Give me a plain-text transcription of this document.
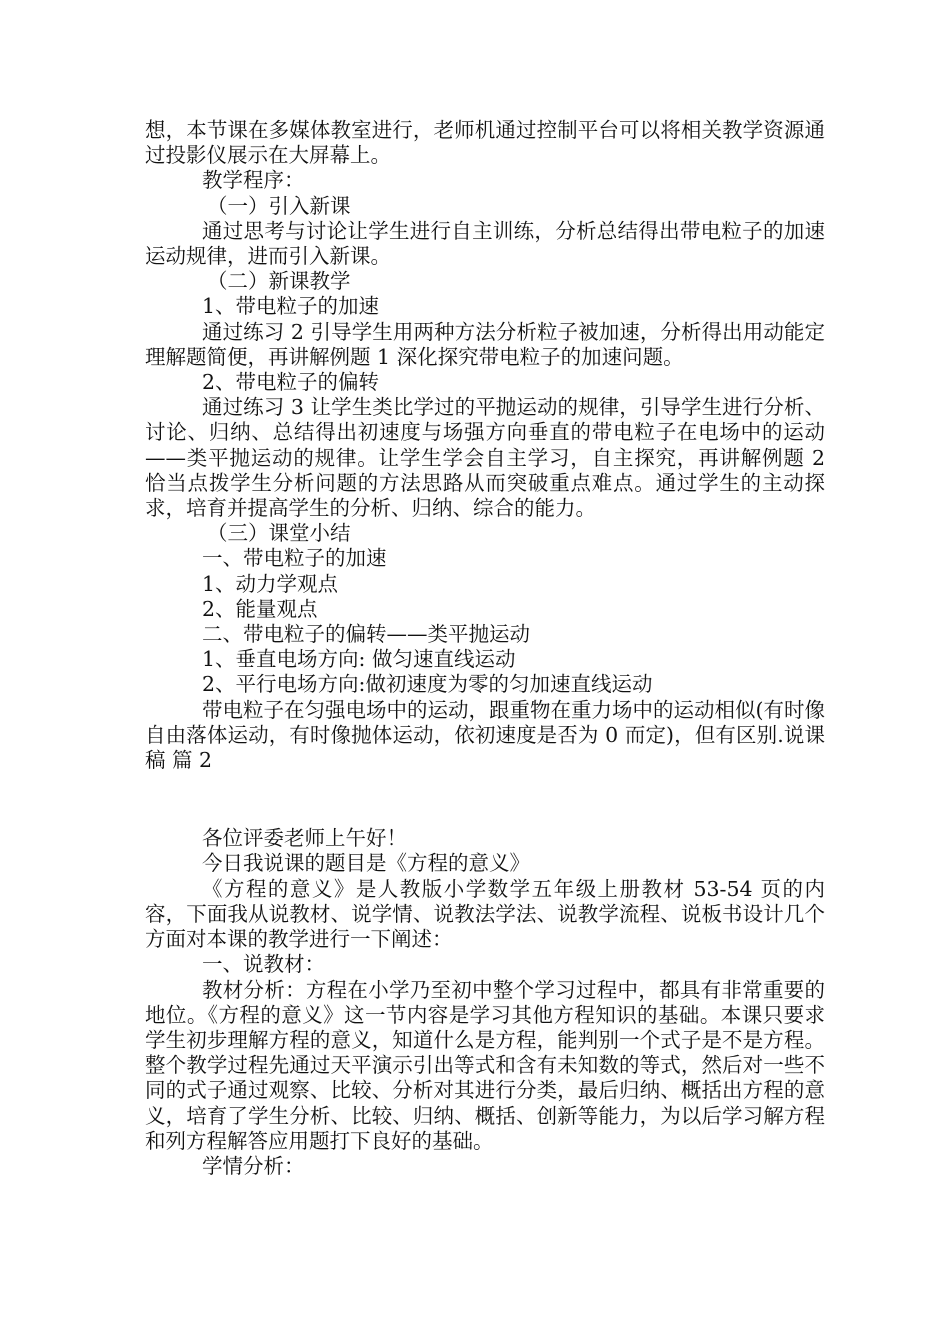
想，本节课在多媒体教室进行，老师机通过控制平台可以将相关教学资源通过投影仪展示在大屏幕上。

教学程序：

（一）引入新课

通过思考与讨论让学生进行自主训练，分析总结得出带电粒子的加速运动规律，进而引入新课。

（二）新课教学

1、带电粒子的加速

通过练习 2 引导学生用两种方法分析粒子被加速，分析得出用动能定理解题简便，再讲解例题 1 深化探究带电粒子的加速问题。

2、带电粒子的偏转

通过练习 3 让学生类比学过的平抛运动的规律，引导学生进行分析、讨论、归纳、总结得出初速度与场强方向垂直的带电粒子在电场中的运动——类平抛运动的规律。让学生学会自主学习，自主探究，再讲解例题 2 恰当点拨学生分析问题的方法思路从而突破重点难点。通过学生的主动探求，培育并提高学生的分析、归纳、综合的能力。

（三）课堂小结

一、带电粒子的加速

1、动力学观点

2、能量观点

二、带电粒子的偏转——类平抛运动

1、垂直电场方向: 做匀速直线运动

2、平行电场方向:做初速度为零的匀加速直线运动

带电粒子在匀强电场中的运动，跟重物在重力场中的运动相似(有时像自由落体运动，有时像抛体运动，依初速度是否为 0 而定)，但有区别.说课稿 篇 2

各位评委老师上午好！

今日我说课的题目是《方程的意义》

《方程的意义》是人教版小学数学五年级上册教材 53-54 页的内容，下面我从说教材、说学情、说教法学法、说教学流程、说板书设计几个方面对本课的教学进行一下阐述：

一、说教材：

教材分析：方程在小学乃至初中整个学习过程中，都具有非常重要的地位。《方程的意义》这一节内容是学习其他方程知识的基础。本课只要求学生初步理解方程的意义，知道什么是方程，能判别一个式子是不是方程。整个教学过程先通过天平演示引出等式和含有未知数的等式，然后对一些不同的式子通过观察、比较、分析对其进行分类，最后归纳、概括出方程的意义，培育了学生分析、比较、归纳、概括、创新等能力，为以后学习解方程和列方程解答应用题打下良好的基础。

学情分析：
